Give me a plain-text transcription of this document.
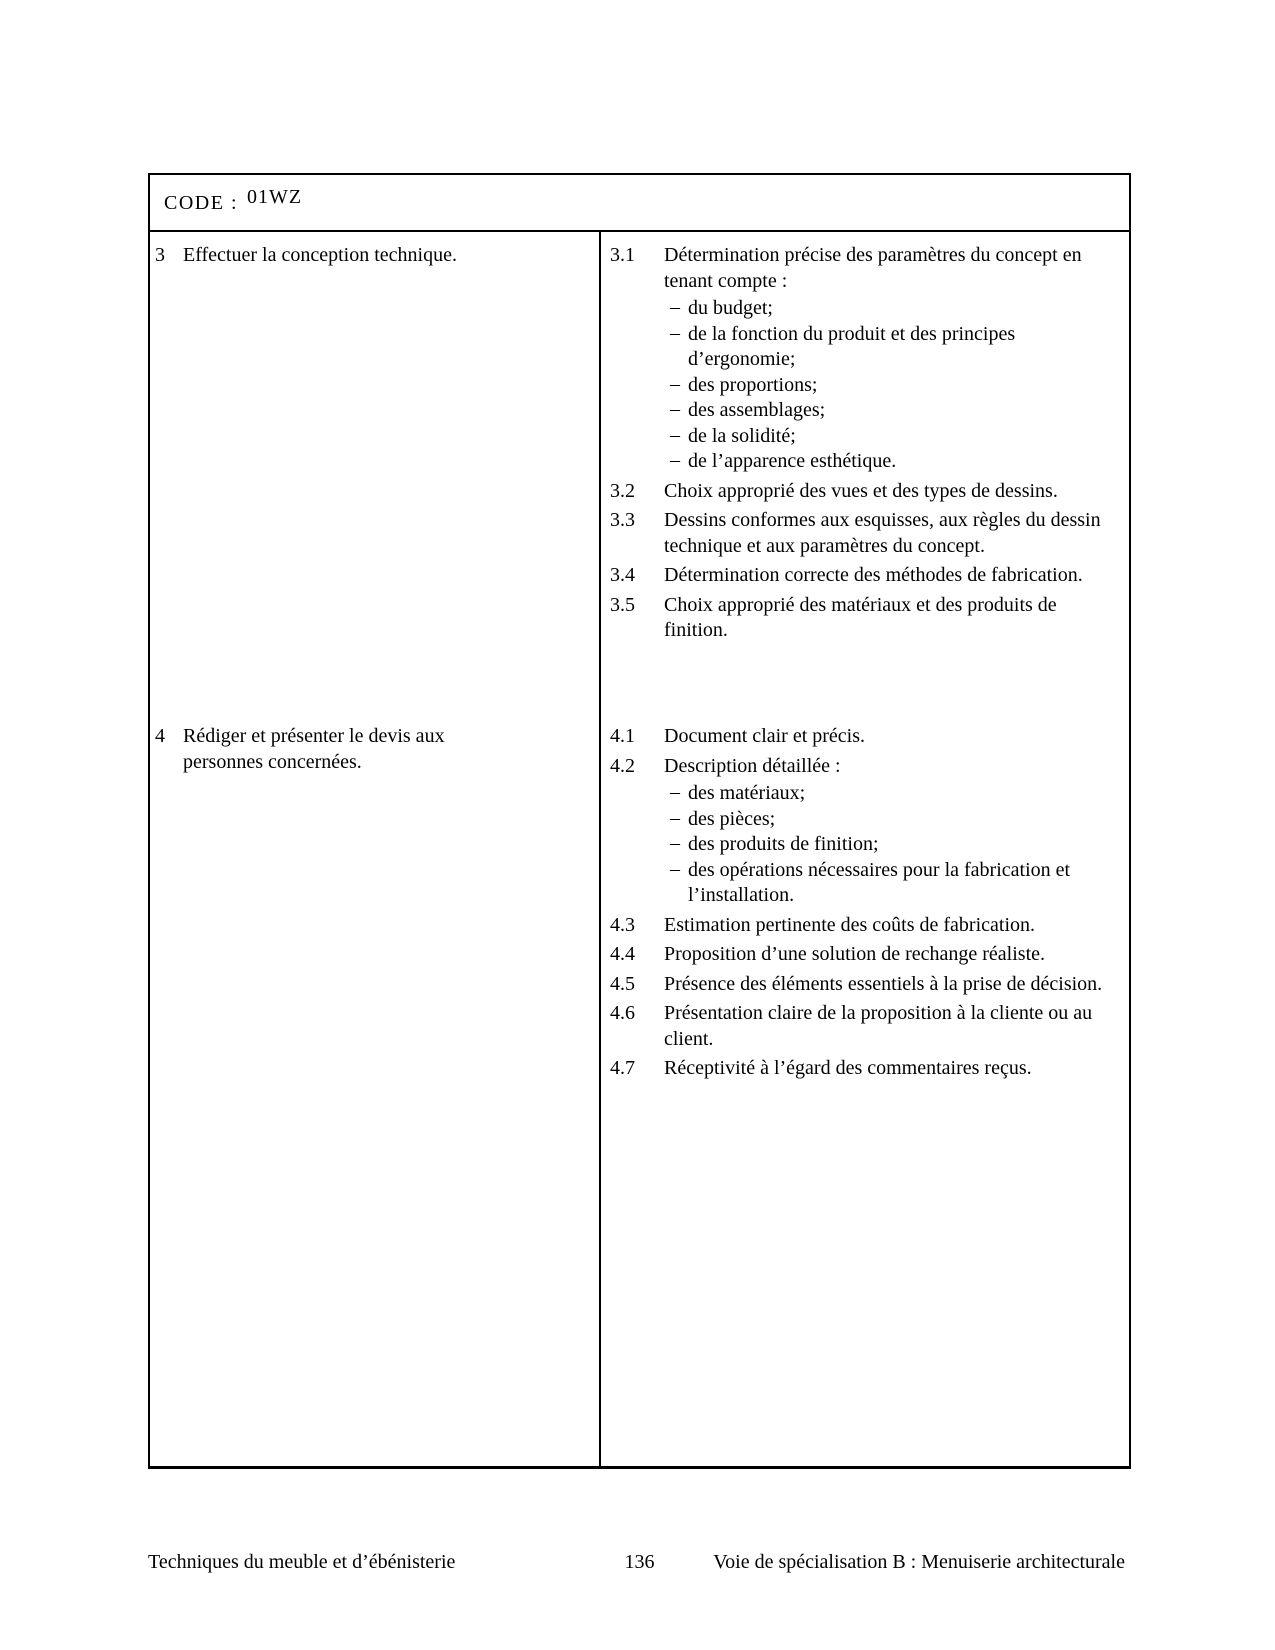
CODE : 01WZ
3 Effectuer la conception technique.
4 Rédiger et présenter le devis aux personnes concernées.
3.1 Détermination précise des paramètres du concept en tenant compte :
– du budget;
– de la fonction du produit et des principes d’ergonomie;
– des proportions;
– des assemblages;
– de la solidité;
– de l’apparence esthétique.
3.2 Choix approprié des vues et des types de dessins.
3.3 Dessins conformes aux esquisses, aux règles du dessin technique et aux paramètres du concept.
3.4 Détermination correcte des méthodes de fabrication.
3.5 Choix approprié des matériaux et des produits de finition.
4.1 Document clair et précis.
4.2 Description détaillée :
– des matériaux;
– des pièces;
– des produits de finition;
– des opérations nécessaires pour la fabrication et l’installation.
4.3 Estimation pertinente des coûts de fabrication.
4.4 Proposition d’une solution de rechange réaliste.
4.5 Présence des éléments essentiels à la prise de décision.
4.6 Présentation claire de la proposition à la cliente ou au client.
4.7 Réceptivité à l’égard des commentaires reçus.
Techniques du meuble et d’ébénisterie	136	Voie de spécialisation B : Menuiserie architecturale
